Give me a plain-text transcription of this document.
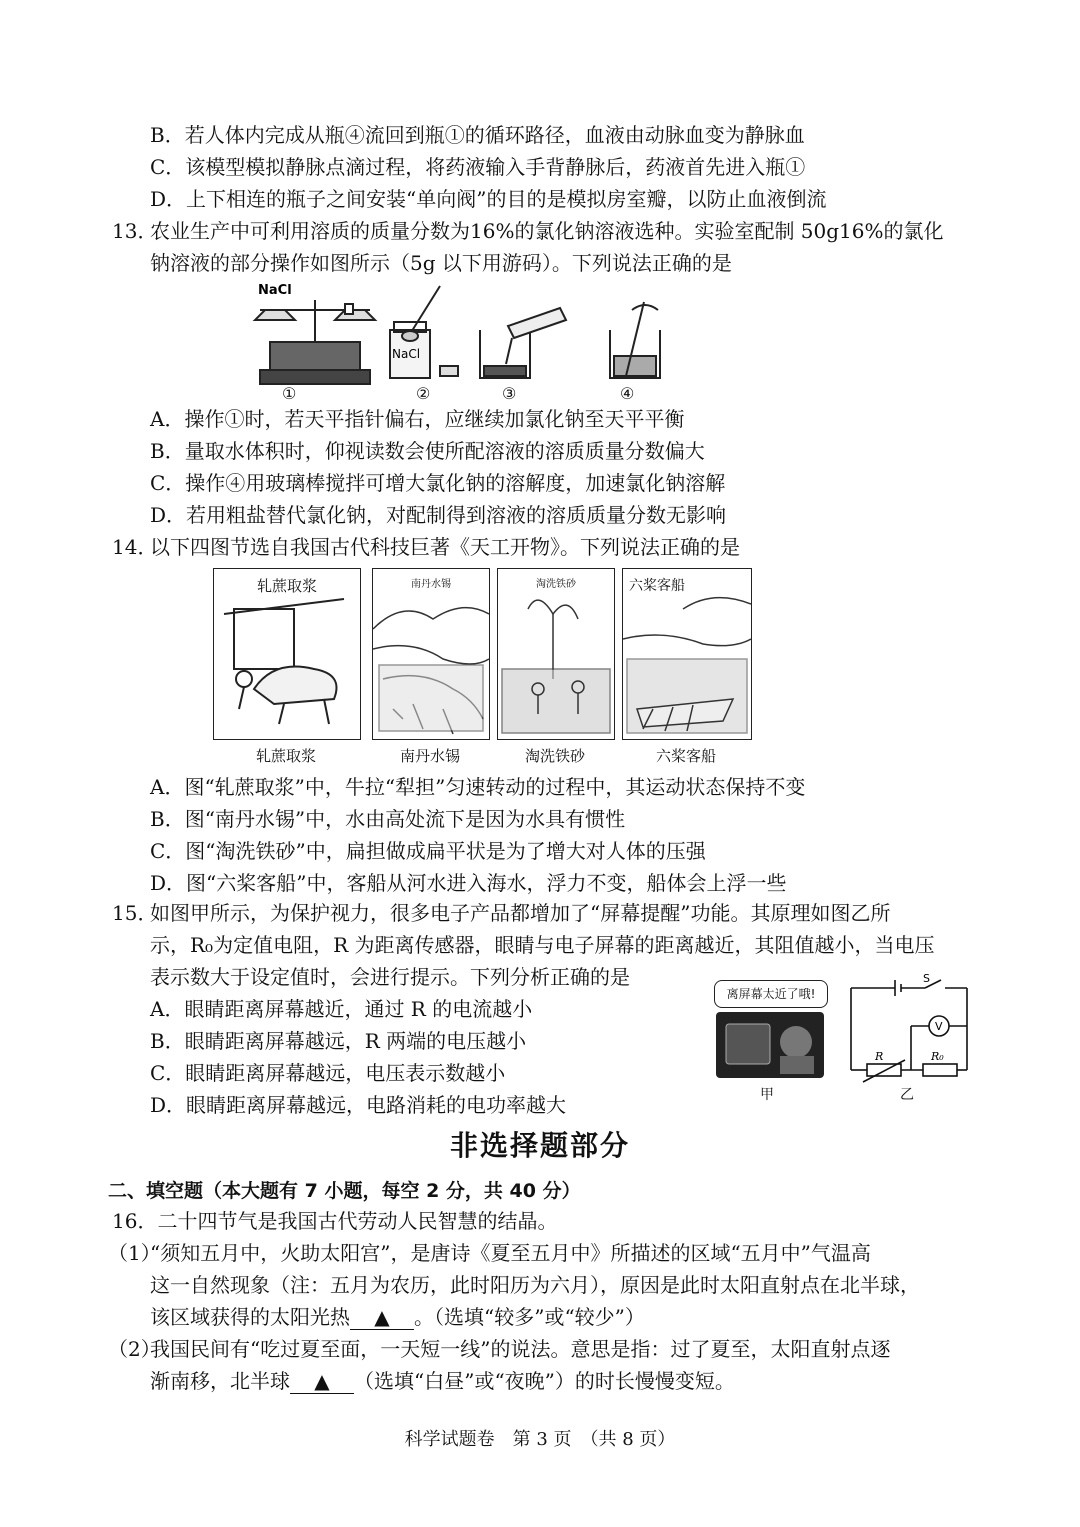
B．若人体内完成从瓶④流回到瓶①的循环路径，血液由动脉血变为静脉血
C．该模型模拟静脉点滴过程，将药液输入手背静脉后，药液首先进入瓶①
D．上下相连的瓶子之间安装“单向阀”的目的是模拟房室瓣，以防止血液倒流
13．
农业生产中可利用溶质的质量分数为16%的氯化钠溶液选种。实验室配制 50g16%的氯化
钠溶液的部分操作如图所示（5g 以下用游码）。下列说法正确的是
NaCl
NaCl
①	②	③	④
A．操作①时，若天平指针偏右，应继续加氯化钠至天平平衡
B．量取水体积时，仰视读数会使所配溶液的溶质质量分数偏大
C．操作④用玻璃棒搅拌可增大氯化钠的溶解度，加速氯化钠溶解
D．若用粗盐替代氯化钠，对配制得到溶液的溶质质量分数无影响
14．
以下四图节选自我国古代科技巨著《天工开物》。下列说法正确的是
轧蔗取浆
轧蔗取浆
南丹水锡
南丹水锡
淘洗铁砂
淘洗铁砂
六桨客船
六桨客船
A．图“轧蔗取浆”中，牛拉“犁担”匀速转动的过程中，其运动状态保持不变
B．图“南丹水锡”中，水由高处流下是因为水具有惯性
C．图“淘洗铁砂”中，扁担做成扁平状是为了增大对人体的压强
D．图“六桨客船”中，客船从河水进入海水，浮力不变，船体会上浮一些
15．
如图甲所示，为保护视力，很多电子产品都增加了“屏幕提醒”功能。其原理如图乙所
示，R₀为定值电阻，R 为距离传感器，眼睛与电子屏幕的距离越近，其阻值越小，当电压
表示数大于设定值时，会进行提示。下列分析正确的是
A．眼睛距离屏幕越近，通过 R 的电流越小
B．眼睛距离屏幕越远，R 两端的电压越小
C．眼睛距离屏幕越远，电压表示数越小
D．眼睛距离屏幕越远，电路消耗的电功率越大
离屏幕太近了哦!
甲
S
V
R	R₀
乙
非选择题部分
二、填空题（本大题有 7 小题，每空 2 分，共 40 分）
16．二十四节气是我国古代劳动人民智慧的结晶。
（1）
“须知五月中，火助太阳宫”，是唐诗《夏至五月中》所描述的区域“五月中”气温高
这一自然现象（注：五月为农历，此时阳历为六月），原因是此时太阳直射点在北半球，
该区域获得的太阳光热 ▲ 。（选填“较多”或“较少”）
（2）
我国民间有“吃过夏至面，一天短一线”的说法。意思是指：过了夏至，太阳直射点逐
渐南移，北半球 ▲ （选填“白昼”或“夜晚”）的时长慢慢变短。
科学试题卷　第 3 页　（共 8 页）
